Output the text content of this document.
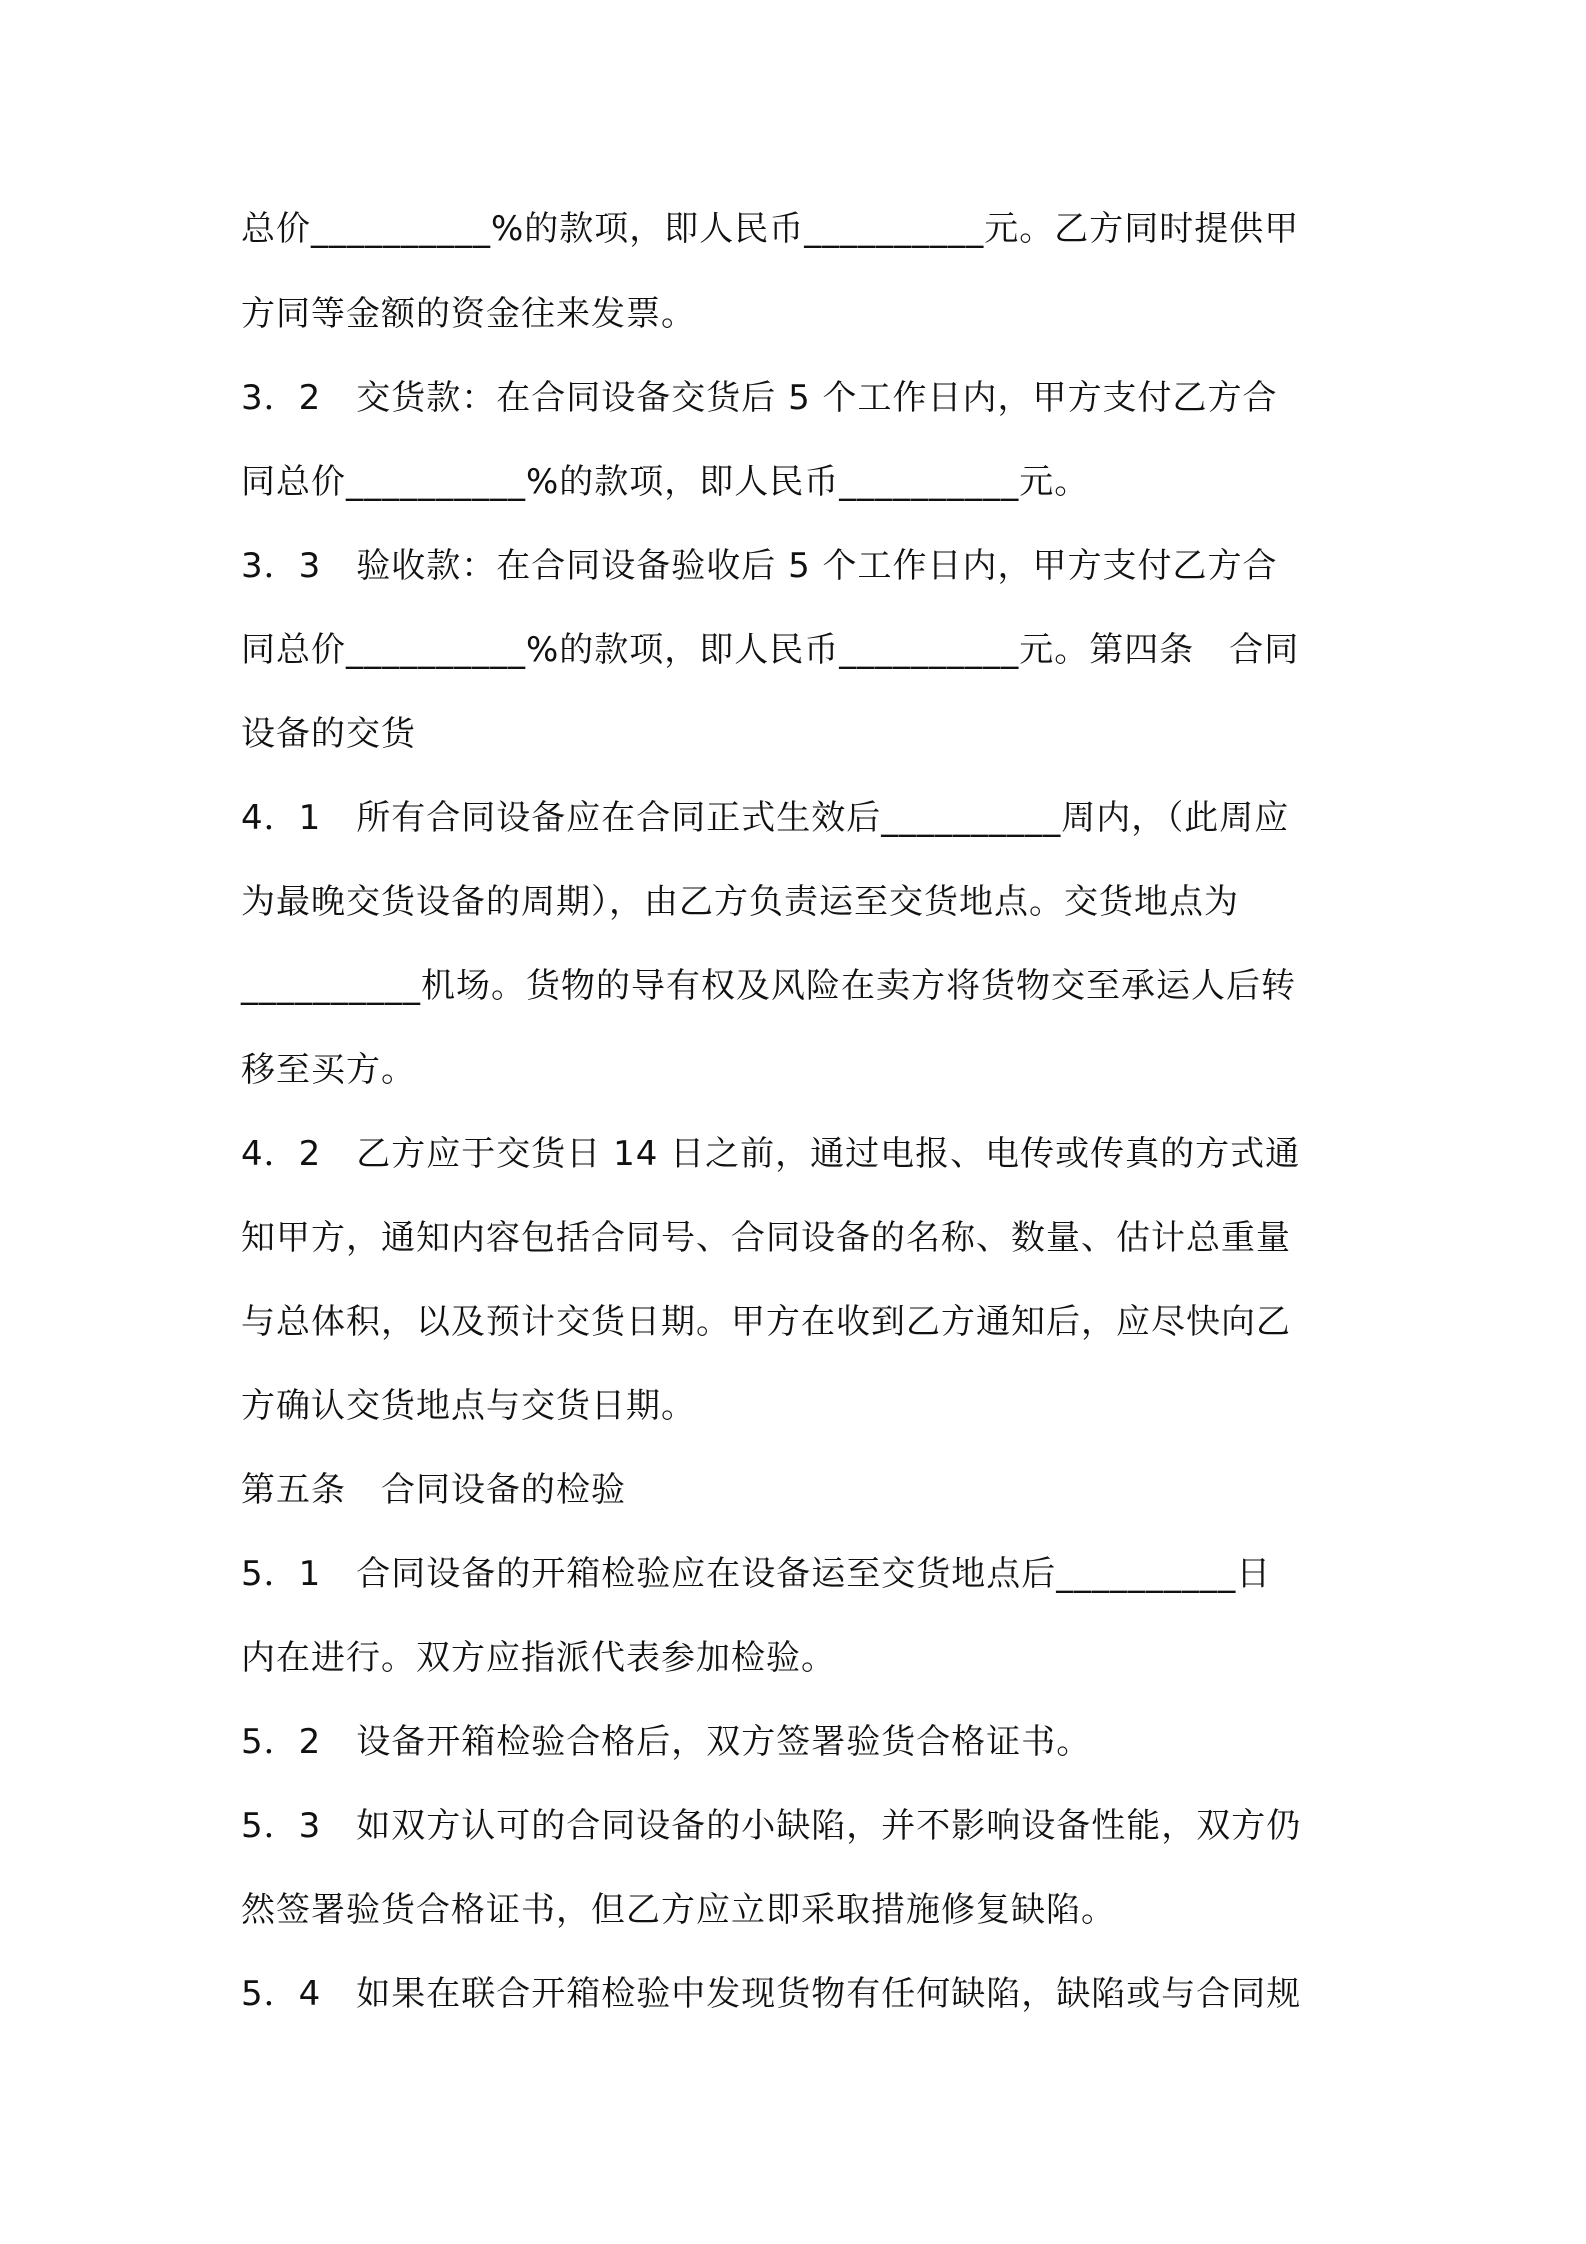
总价__________%的款项，即人民币__________元。乙方同时提供甲
方同等金额的资金往来发票。
3．2　交货款：在合同设备交货后 5 个工作日内，甲方支付乙方合
同总价__________%的款项，即人民币__________元。
3．3　验收款：在合同设备验收后 5 个工作日内，甲方支付乙方合
同总价__________%的款项，即人民币__________元。第四条　合同
设备的交货
4．1　所有合同设备应在合同正式生效后__________周内，（此周应
为最晚交货设备的周期），由乙方负责运至交货地点。交货地点为
__________机场。货物的导有权及风险在卖方将货物交至承运人后转
移至买方。
4．2　乙方应于交货日 14 日之前，通过电报、电传或传真的方式通
知甲方，通知内容包括合同号、合同设备的名称、数量、估计总重量
与总体积，以及预计交货日期。甲方在收到乙方通知后，应尽快向乙
方确认交货地点与交货日期。
第五条　合同设备的检验
5．1　合同设备的开箱检验应在设备运至交货地点后__________日
内在进行。双方应指派代表参加检验。
5．2　设备开箱检验合格后，双方签署验货合格证书。
5．3　如双方认可的合同设备的小缺陷，并不影响设备性能，双方仍
然签署验货合格证书，但乙方应立即采取措施修复缺陷。
5．4　如果在联合开箱检验中发现货物有任何缺陷，缺陷或与合同规
